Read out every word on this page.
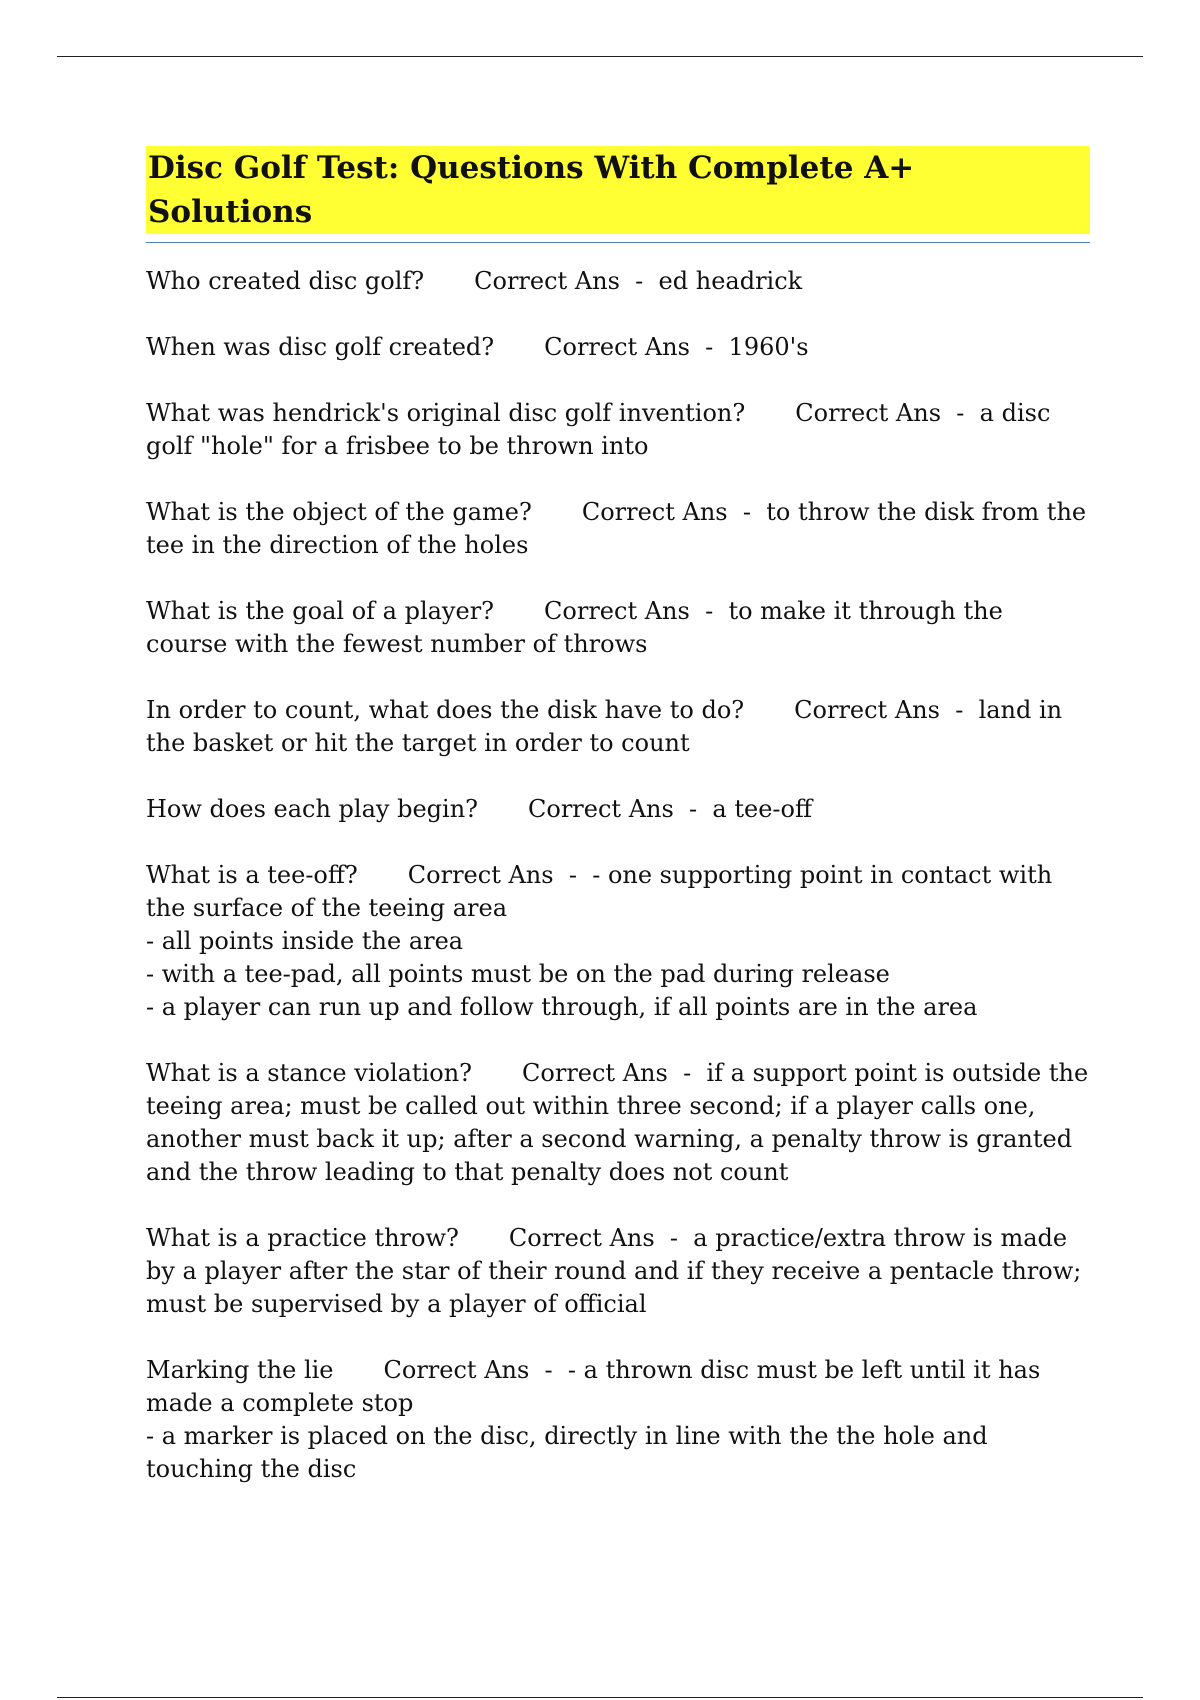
Disc Golf Test: Questions With Complete A+ Solutions
Who created disc golf? Correct Ans  -  ed headrick
When was disc golf created? Correct Ans  -  1960's
What was hendrick's original disc golf invention? Correct Ans  -  a disc golf "hole" for a frisbee to be thrown into
What is the object of the game? Correct Ans  -  to throw the disk from the tee in the direction of the holes
What is the goal of a player? Correct Ans  -  to make it through the course with the fewest number of throws
In order to count, what does the disk have to do? Correct Ans  -  land in the basket or hit the target in order to count
How does each play begin? Correct Ans  -  a tee-off
What is a tee-off? Correct Ans  -  - one supporting point in contact with the surface of the teeing area
- all points inside the area
- with a tee-pad, all points must be on the pad during release
- a player can run up and follow through, if all points are in the area
What is a stance violation? Correct Ans  -  if a support point is outside the teeing area; must be called out within three second; if a player calls one, another must back it up; after a second warning, a penalty throw is granted and the throw leading to that penalty does not count
What is a practice throw? Correct Ans  -  a practice/extra throw is made by a player after the star of their round and if they receive a pentacle throw; must be supervised by a player of official
Marking the lie Correct Ans  -  - a thrown disc must be left until it has made a complete stop
- a marker is placed on the disc, directly in line with the the hole and touching the disc
